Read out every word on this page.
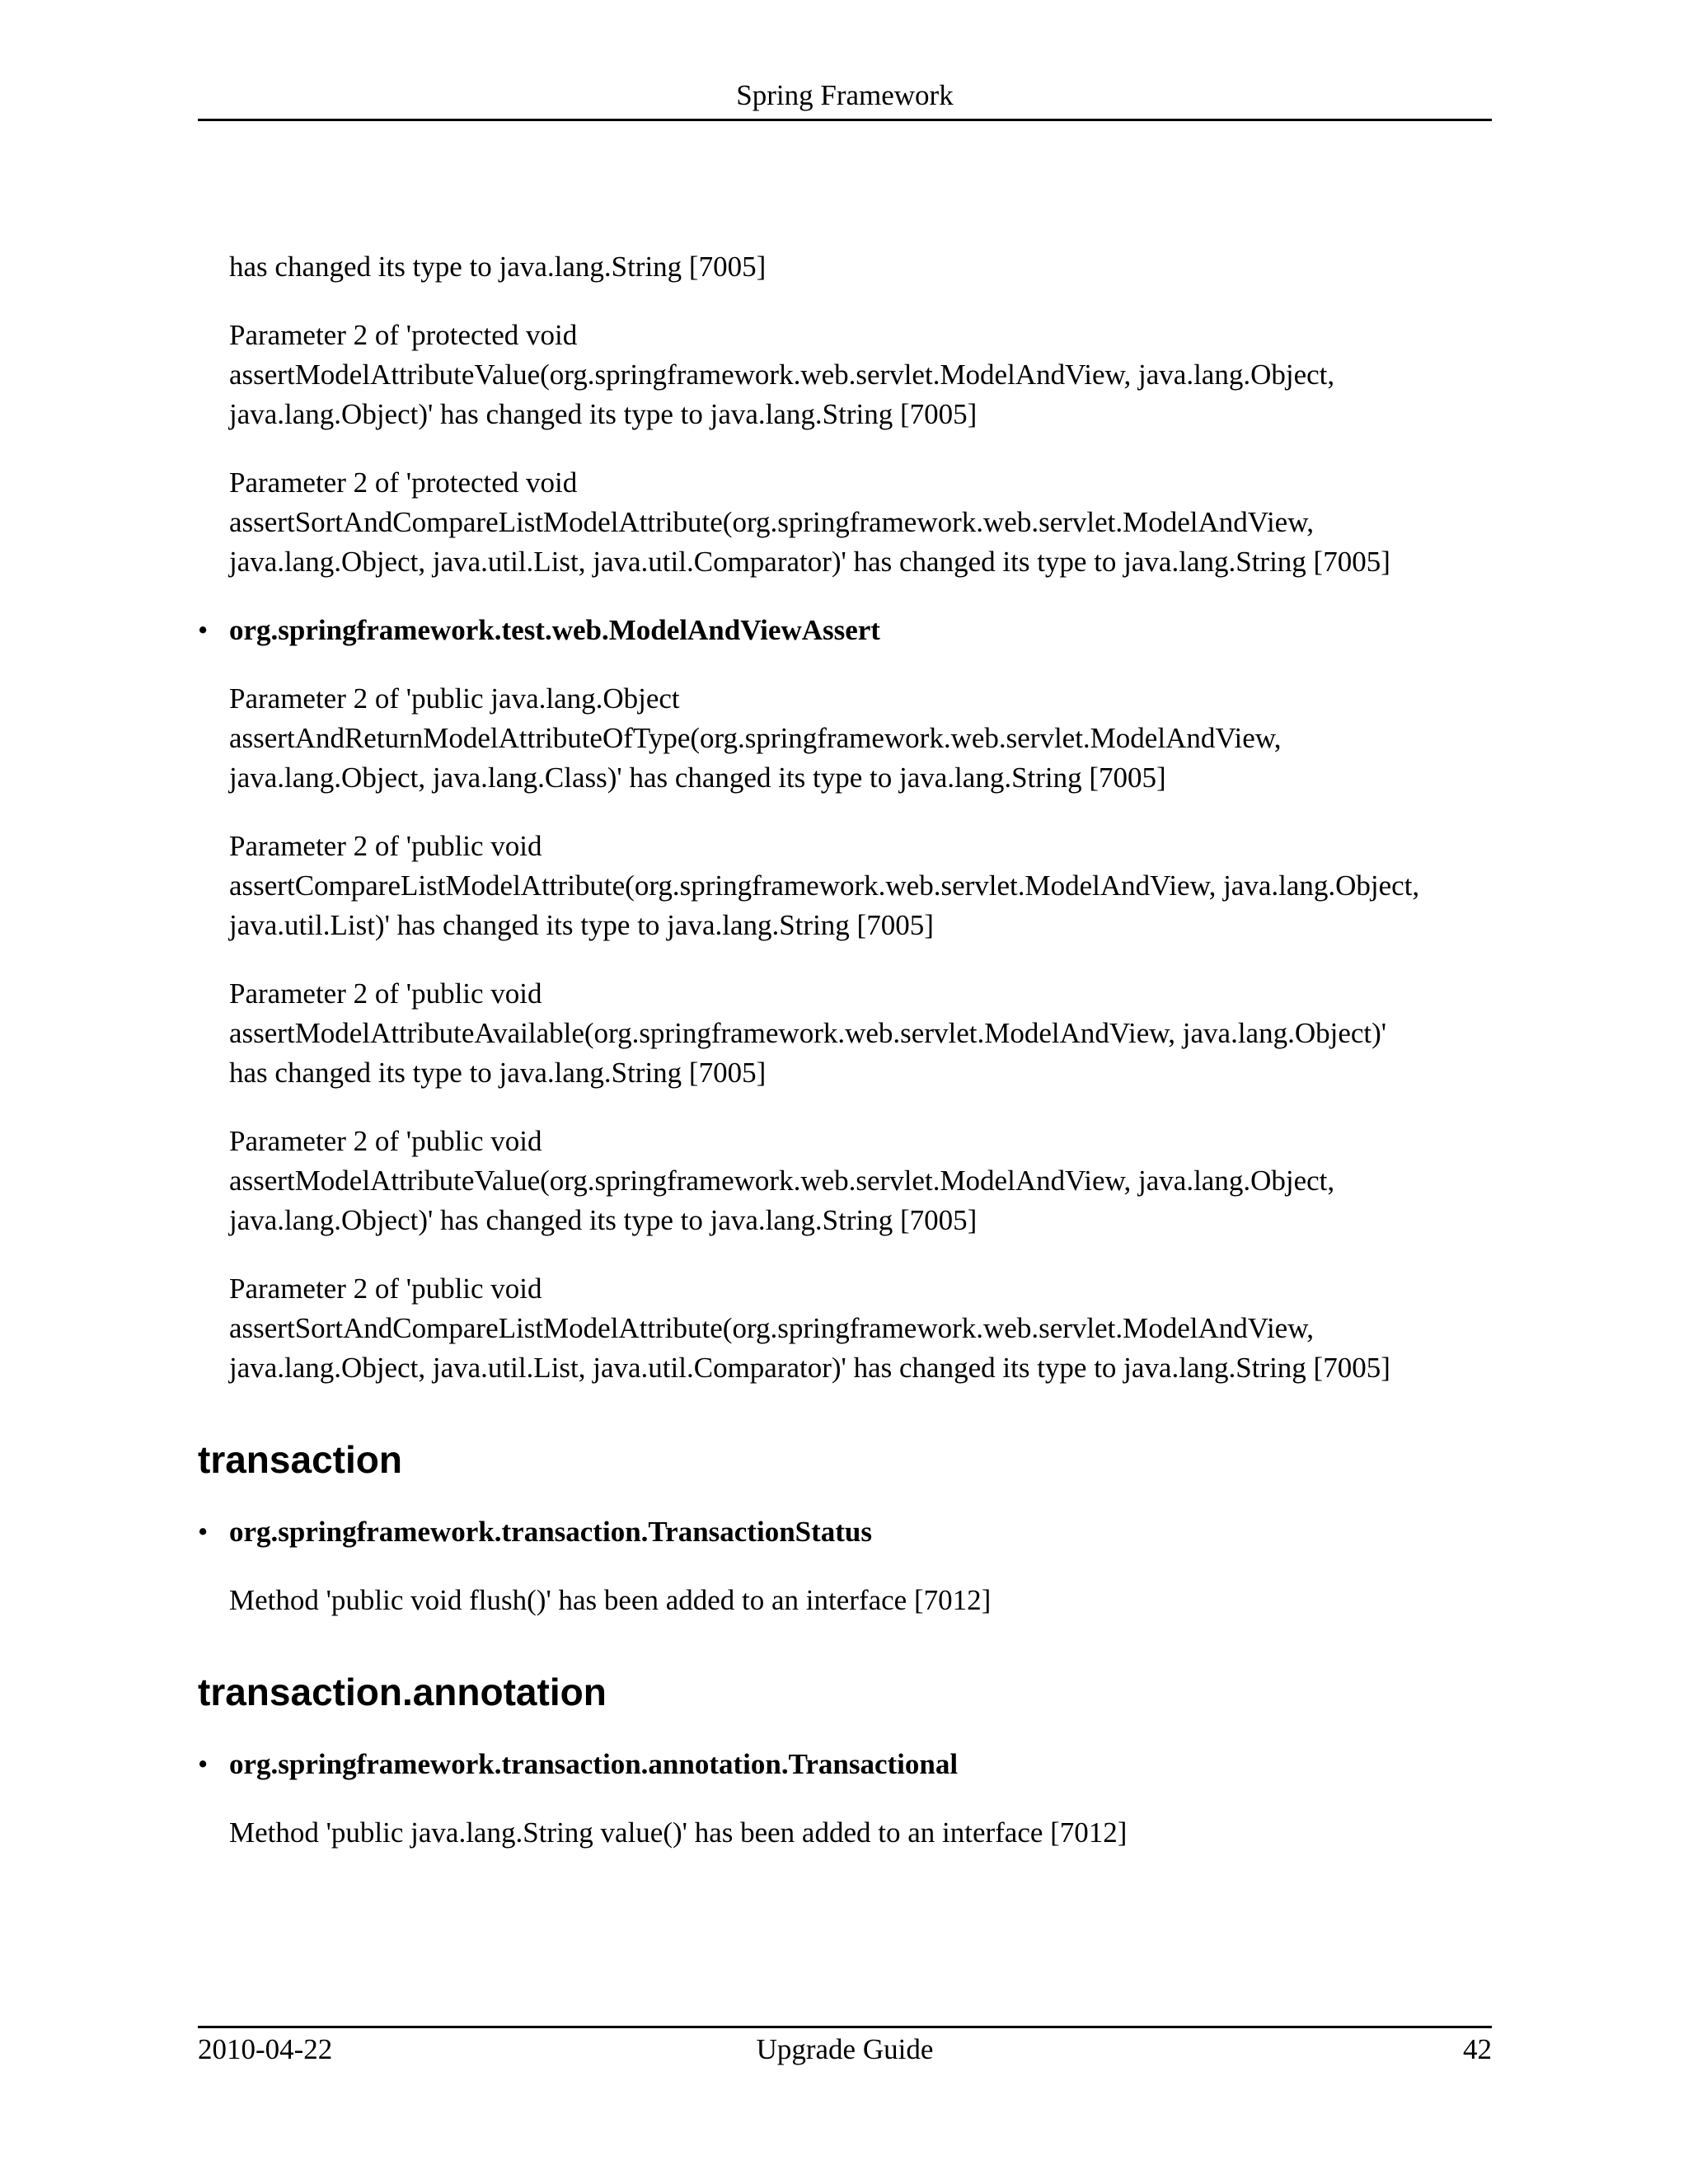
Spring Framework

has changed its type to java.lang.String [7005]

Parameter 2 of 'protected void
assertModelAttributeValue(org.springframework.web.servlet.ModelAndView, java.lang.Object,
java.lang.Object)' has changed its type to java.lang.String [7005]

Parameter 2 of 'protected void
assertSortAndCompareListModelAttribute(org.springframework.web.servlet.ModelAndView,
java.lang.Object, java.util.List, java.util.Comparator)' has changed its type to java.lang.String [7005]

• org.springframework.test.web.ModelAndViewAssert

Parameter 2 of 'public java.lang.Object
assertAndReturnModelAttributeOfType(org.springframework.web.servlet.ModelAndView,
java.lang.Object, java.lang.Class)' has changed its type to java.lang.String [7005]

Parameter 2 of 'public void
assertCompareListModelAttribute(org.springframework.web.servlet.ModelAndView, java.lang.Object,
java.util.List)' has changed its type to java.lang.String [7005]

Parameter 2 of 'public void
assertModelAttributeAvailable(org.springframework.web.servlet.ModelAndView, java.lang.Object)'
has changed its type to java.lang.String [7005]

Parameter 2 of 'public void
assertModelAttributeValue(org.springframework.web.servlet.ModelAndView, java.lang.Object,
java.lang.Object)' has changed its type to java.lang.String [7005]

Parameter 2 of 'public void
assertSortAndCompareListModelAttribute(org.springframework.web.servlet.ModelAndView,
java.lang.Object, java.util.List, java.util.Comparator)' has changed its type to java.lang.String [7005]

transaction
• org.springframework.transaction.TransactionStatus

Method 'public void flush()' has been added to an interface [7012]

transaction.annotation
• org.springframework.transaction.annotation.Transactional

Method 'public java.lang.String value()' has been added to an interface [7012]

2010-04-22	Upgrade Guide	42
